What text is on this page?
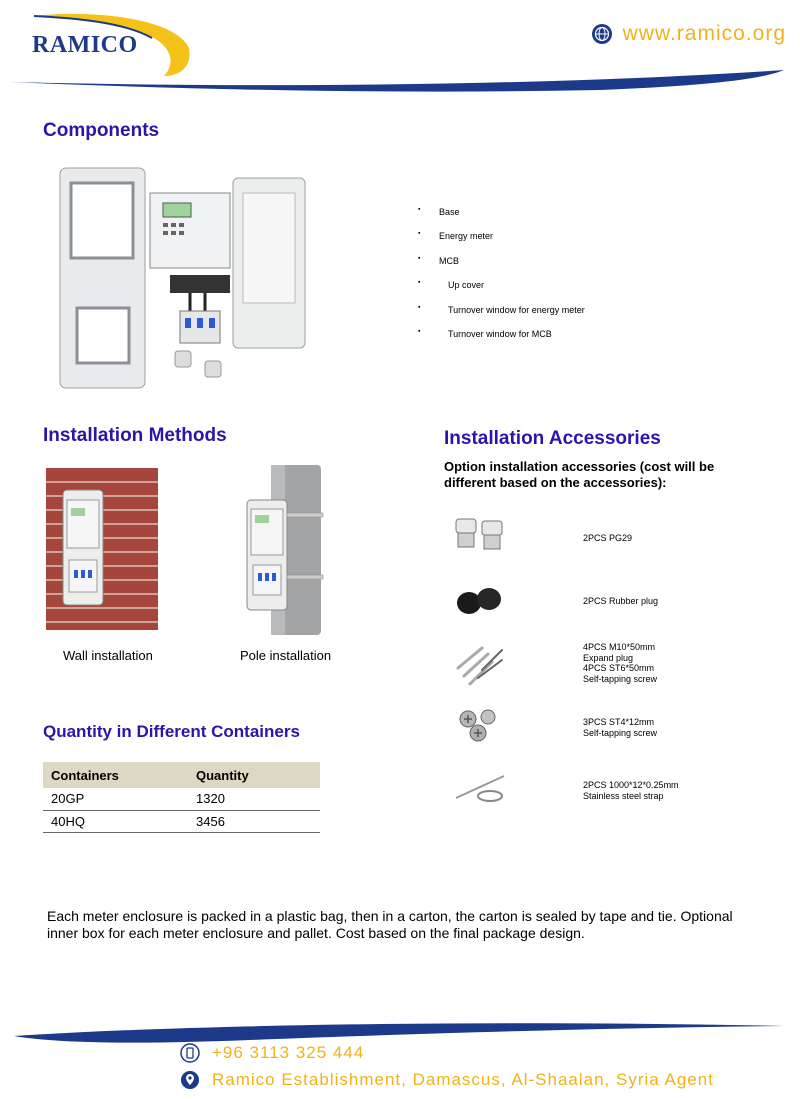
RAMICO	www.ramico.org
Components
▪ Base
▪ Energy meter
▪ MCB
▪ Up cover
▪ Turnover window for energy meter
▪ Turnover window for MCB
Installation Methods
Wall installation	Pole installation
Installation Accessories
Option installation accessories (cost will be different based on the accessories):
2PCS PG29
2PCS Rubber plug
4PCS M10*50mm
Expand plug
4PCS ST6*50mm
Self-tapping screw
3PCS ST4*12mm
Self-tapping screw
2PCS 1000*12*0.25mm
Stainless steel strap
Quantity in Different Containers
Containers	Quantity
20GP	1320
40HQ	3456

Each meter enclosure is packed in a plastic bag, then in a carton, the carton is sealed by tape and tie. Optional inner box for each meter enclosure and pallet. Cost based on the final package design.

+96 3113 325 444
Ramico Establishment, Damascus, Al-Shaalan, Syria Agent
